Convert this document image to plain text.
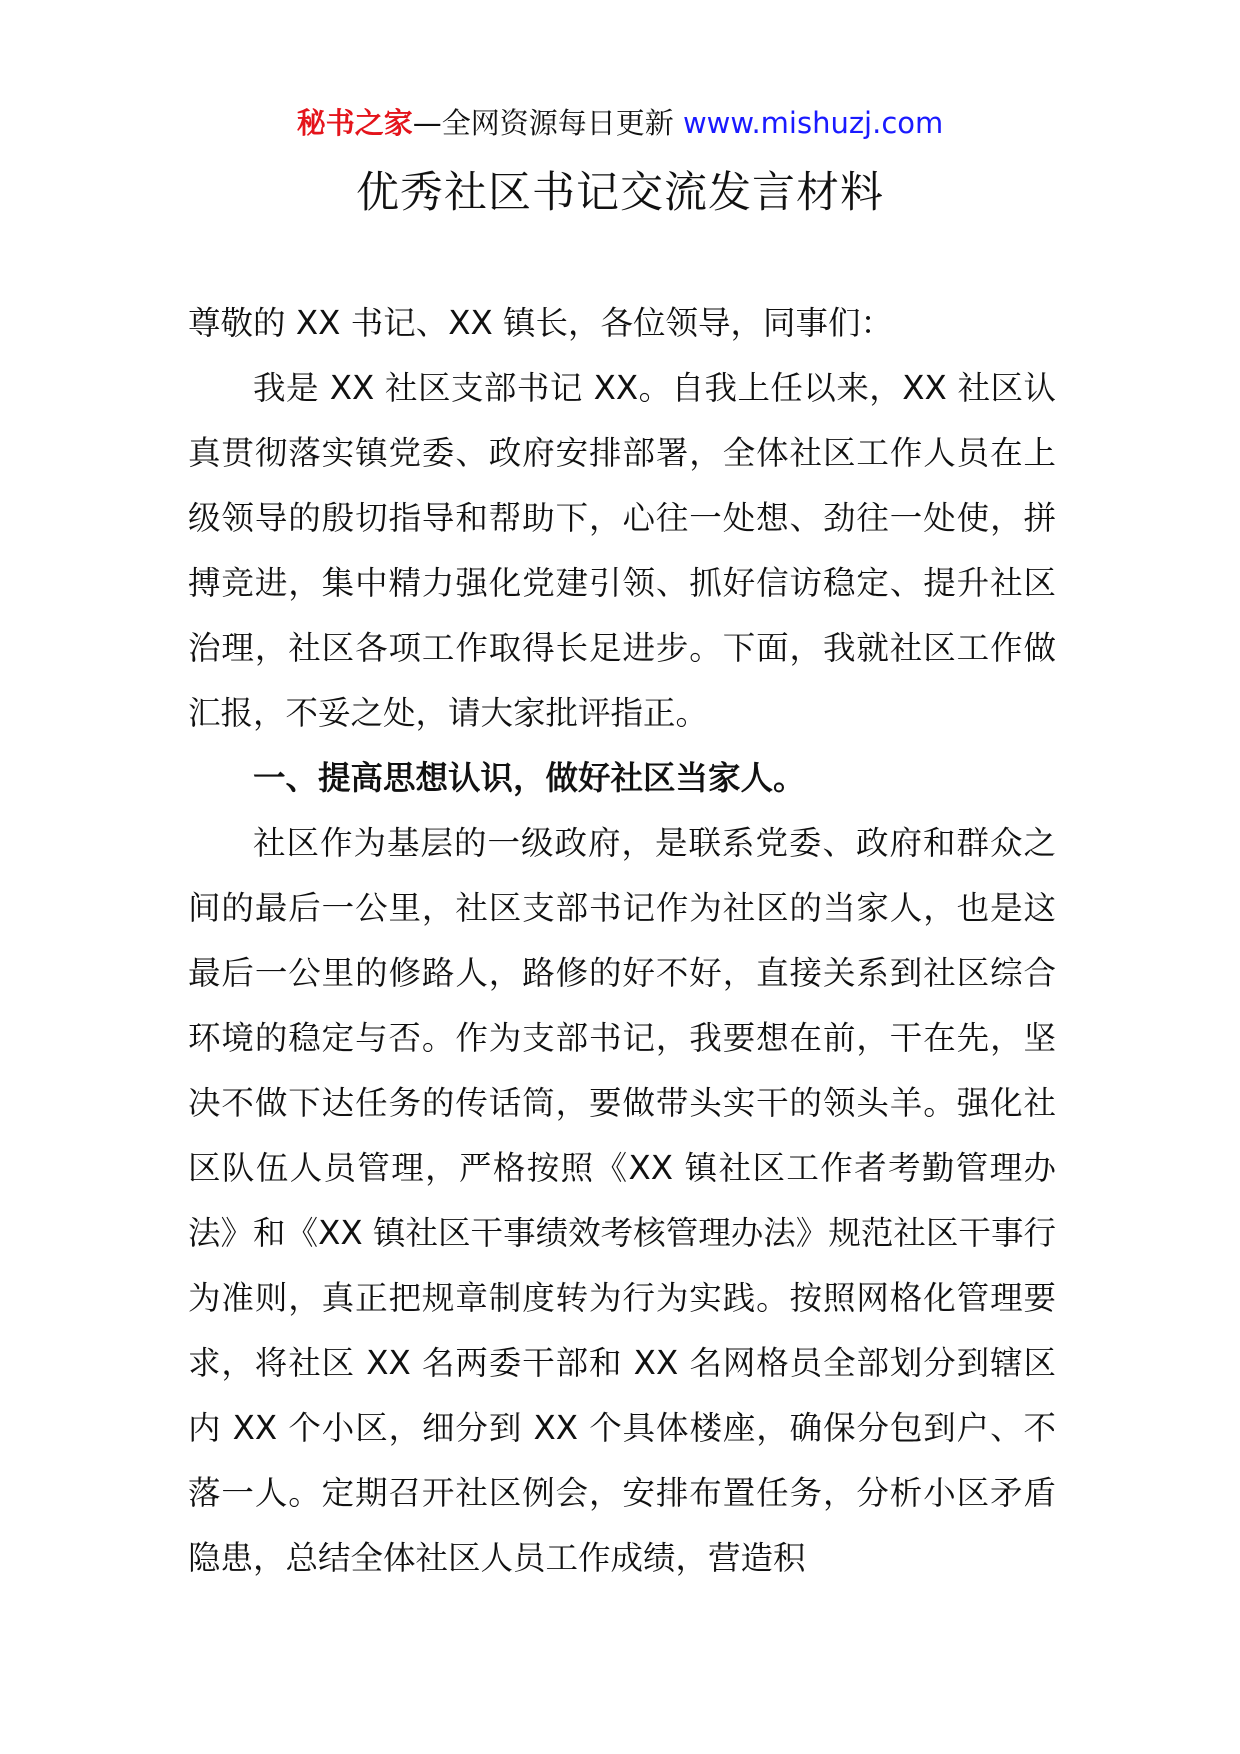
秘书之家—全网资源每日更新 www.mishuzj.com
优秀社区书记交流发言材料

尊敬的 XX 书记、XX 镇长，各位领导，同事们：

我是 XX 社区支部书记 XX。自我上任以来，XX 社区认真贯彻落实镇党委、政府安排部署，全体社区工作人员在上级领导的殷切指导和帮助下，心往一处想、劲往一处使，拼搏竞进，集中精力强化党建引领、抓好信访稳定、提升社区治理，社区各项工作取得长足进步。下面，我就社区工作做汇报，不妥之处，请大家批评指正。

一、提高思想认识，做好社区当家人。

社区作为基层的一级政府，是联系党委、政府和群众之间的最后一公里，社区支部书记作为社区的当家人，也是这最后一公里的修路人，路修的好不好，直接关系到社区综合环境的稳定与否。作为支部书记，我要想在前，干在先，坚决不做下达任务的传话筒，要做带头实干的领头羊。强化社区队伍人员管理，严格按照《XX 镇社区工作者考勤管理办法》和《XX 镇社区干事绩效考核管理办法》规范社区干事行为准则，真正把规章制度转为行为实践。按照网格化管理要求，将社区 XX 名两委干部和 XX 名网格员全部划分到辖区内 XX 个小区，细分到 XX 个具体楼座，确保分包到户、不落一人。定期召开社区例会，安排布置任务，分析小区矛盾隐患，总结全体社区人员工作成绩，营造积
